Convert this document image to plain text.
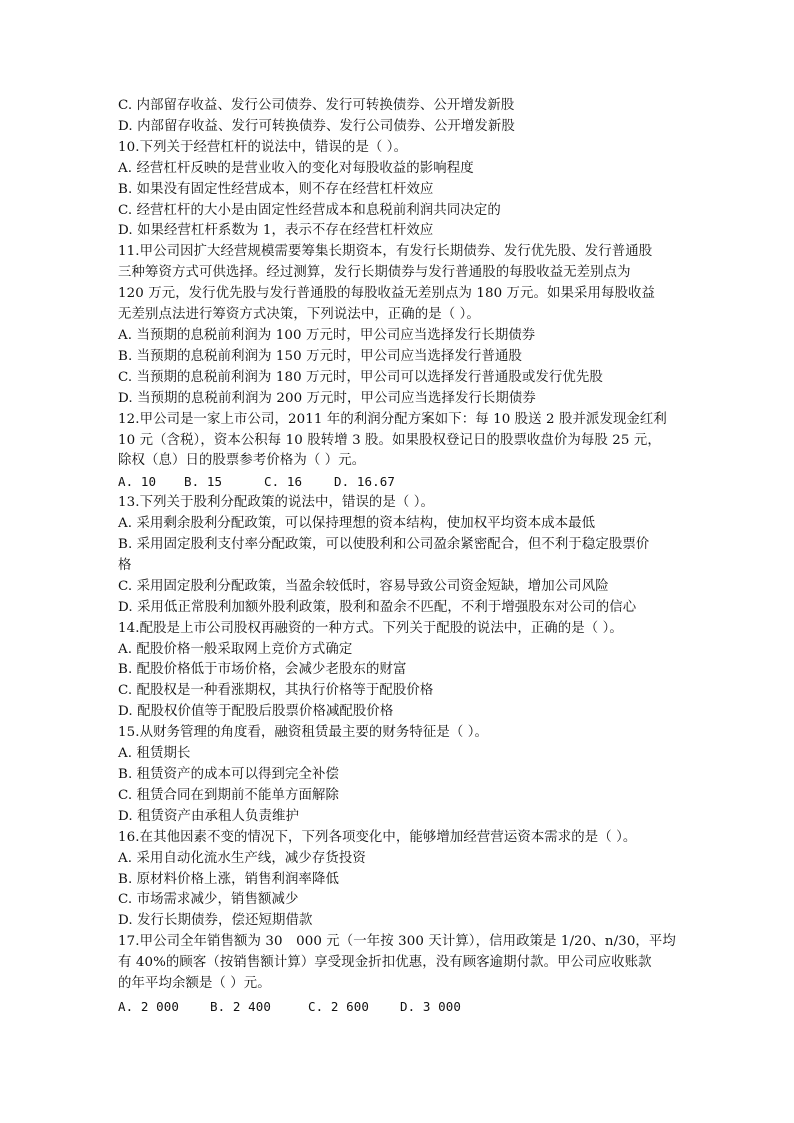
C. 内部留存收益、发行公司债券、发行可转换债券、公开增发新股
D. 内部留存收益、发行可转换债券、发行公司债券、公开增发新股
10.下列关于经营杠杆的说法中，错误的是（ ）。
A. 经营杠杆反映的是营业收入的变化对每股收益的影响程度
B. 如果没有固定性经营成本，则不存在经营杠杆效应
C. 经营杠杆的大小是由固定性经营成本和息税前利润共同决定的
D. 如果经营杠杆系数为 1，表示不存在经营杠杆效应
11.甲公司因扩大经营规模需要筹集长期资本，有发行长期债券、发行优先股、发行普通股
三种筹资方式可供选择。经过测算，发行长期债券与发行普通股的每股收益无差别点为
120 万元，发行优先股与发行普通股的每股收益无差别点为 180 万元。如果采用每股收益
无差别点法进行筹资方式决策，下列说法中，正确的是（ ）。
A. 当预期的息税前利润为 100 万元时，甲公司应当选择发行长期债券
B. 当预期的息税前利润为 150 万元时，甲公司应当选择发行普通股
C. 当预期的息税前利润为 180 万元时，甲公司可以选择发行普通股或发行优先股
D. 当预期的息税前利润为 200 万元时，甲公司应当选择发行长期债券
12.甲公司是一家上市公司，2011 年的利润分配方案如下：每 10 股送 2 股并派发现金红利
10 元（含税），资本公积每 10 股转增 3 股。如果股权登记日的股票收盘价为每股 25 元，
除权（息）日的股票参考价格为（ ）元。
A. 10	B. 15	C. 16	D. 16.67
13.下列关于股利分配政策的说法中，错误的是（ ）。
A. 采用剩余股利分配政策，可以保持理想的资本结构，使加权平均资本成本最低
B. 采用固定股利支付率分配政策，可以使股利和公司盈余紧密配合，但不利于稳定股票价
格
C. 采用固定股利分配政策，当盈余较低时，容易导致公司资金短缺，增加公司风险
D. 采用低正常股利加额外股利政策，股利和盈余不匹配，不利于增强股东对公司的信心
14.配股是上市公司股权再融资的一种方式。下列关于配股的说法中，正确的是（ ）。
A. 配股价格一般采取网上竞价方式确定
B. 配股价格低于市场价格，会减少老股东的财富
C. 配股权是一种看涨期权，其执行价格等于配股价格
D. 配股权价值等于配股后股票价格减配股价格
15.从财务管理的角度看，融资租赁最主要的财务特征是（ ）。
A. 租赁期长
B. 租赁资产的成本可以得到完全补偿
C. 租赁合同在到期前不能单方面解除
D. 租赁资产由承租人负责维护
16.在其他因素不变的情况下，下列各项变化中，能够增加经营营运资本需求的是（ ）。
A. 采用自动化流水生产线，减少存货投资
B. 原材料价格上涨，销售利润率降低
C. 市场需求减少，销售额减少
D. 发行长期债券，偿还短期借款
17.甲公司全年销售额为 30　000 元（一年按 300 天计算），信用政策是 1/20、n/30，平均
有 40%的顾客（按销售额计算）享受现金折扣优惠，没有顾客逾期付款。甲公司应收账款
的年平均余额是（ ）元。
A. 2 000	B. 2 400	C. 2 600	D. 3 000
